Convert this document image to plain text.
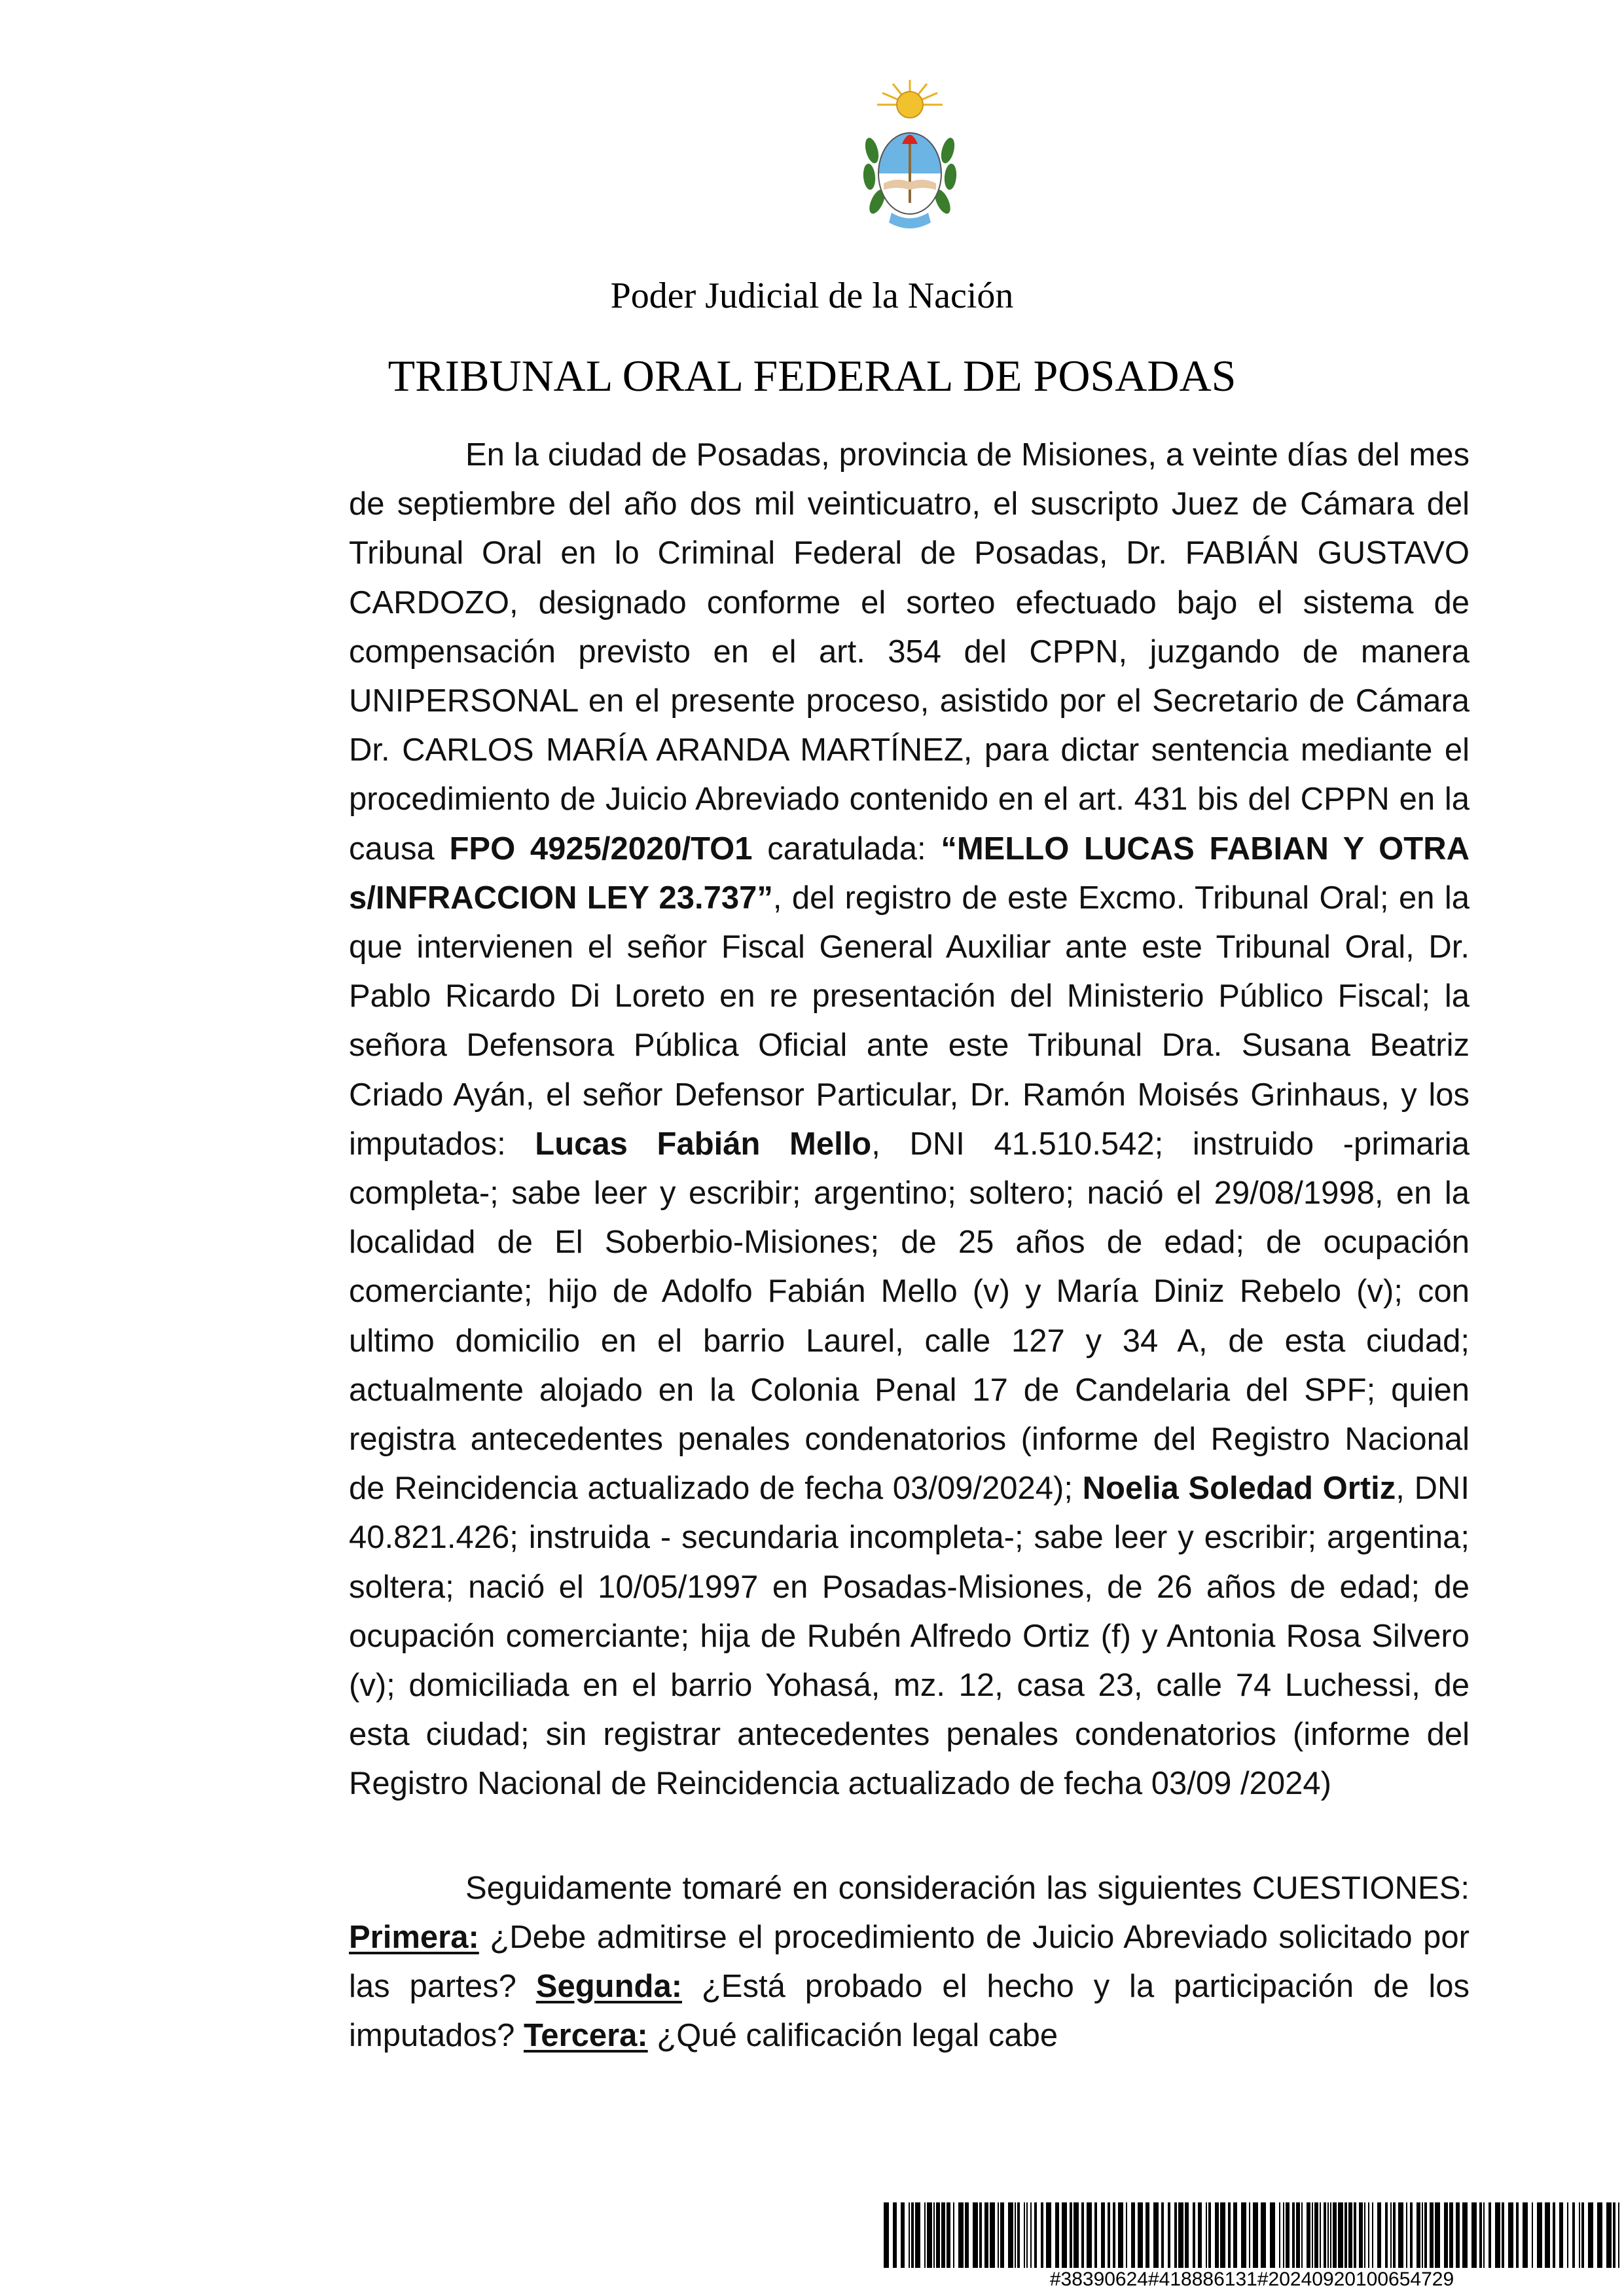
Poder Judicial de la Nación
TRIBUNAL ORAL FEDERAL DE POSADAS

En la ciudad de Posadas, provincia de Misiones, a veinte días del mes de septiembre del año dos mil veinticuatro, el suscripto Juez de Cámara del Tribunal Oral en lo Criminal Federal de Posadas, Dr. FABIÁN GUSTAVO CARDOZO, designado conforme el sorteo efectuado bajo el sistema de compensación previsto en el art. 354 del CPPN, juzgando de manera UNIPERSONAL en el presente proceso, asistido por el Secretario de Cámara Dr. CARLOS MARÍA ARANDA MARTÍNEZ, para dictar sentencia mediante el procedimiento de Juicio Abreviado contenido en el art. 431 bis del CPPN en la causa FPO 4925/2020/TO1 caratulada: “MELLO LUCAS FABIAN Y OTRA s/INFRACCION LEY 23.737”, del registro de este Excmo. Tribunal Oral; en la que intervienen el señor Fiscal General Auxiliar ante este Tribunal Oral, Dr. Pablo Ricardo Di Loreto en re presentación del Ministerio Público Fiscal; la señora Defensora Pública Oficial ante este Tribunal Dra. Susana Beatriz Criado Ayán, el señor Defensor Particular, Dr. Ramón Moisés Grinhaus, y los imputados: Lucas Fabián Mello, DNI 41.510.542; instruido -primaria completa-; sabe leer y escribir; argentino; soltero; nació el 29/08/1998, en la localidad de El Soberbio-Misiones; de 25 años de edad; de ocupación comerciante; hijo de Adolfo Fabián Mello (v) y María Diniz Rebelo (v); con ultimo domicilio en el barrio Laurel, calle 127 y 34 A, de esta ciudad; actualmente alojado en la Colonia Penal 17 de Candelaria del SPF; quien registra antecedentes penales condenatorios (informe del Registro Nacional de Reincidencia actualizado de fecha 03/09/2024); Noelia Soledad Ortiz, DNI 40.821.426; instruida - secundaria incompleta-; sabe leer y escribir; argentina; soltera; nació el 10/05/1997 en Posadas-Misiones, de 26 años de edad; de ocupación comerciante; hija de Rubén Alfredo Ortiz (f) y Antonia Rosa Silvero (v); domiciliada en el barrio Yohasá, mz. 12, casa 23, calle 74 Luchessi, de esta ciudad; sin registrar antecedentes penales condenatorios (informe del Registro Nacional de Reincidencia actualizado de fecha 03/09 /2024)

Seguidamente tomaré en consideración las siguientes CUESTIONES: Primera: ¿Debe admitirse el procedimiento de Juicio Abreviado solicitado por las partes? Segunda: ¿Está probado el hecho y la participación de los imputados? Tercera: ¿Qué calificación legal cabe

#38390624#418886131#20240920100654729
